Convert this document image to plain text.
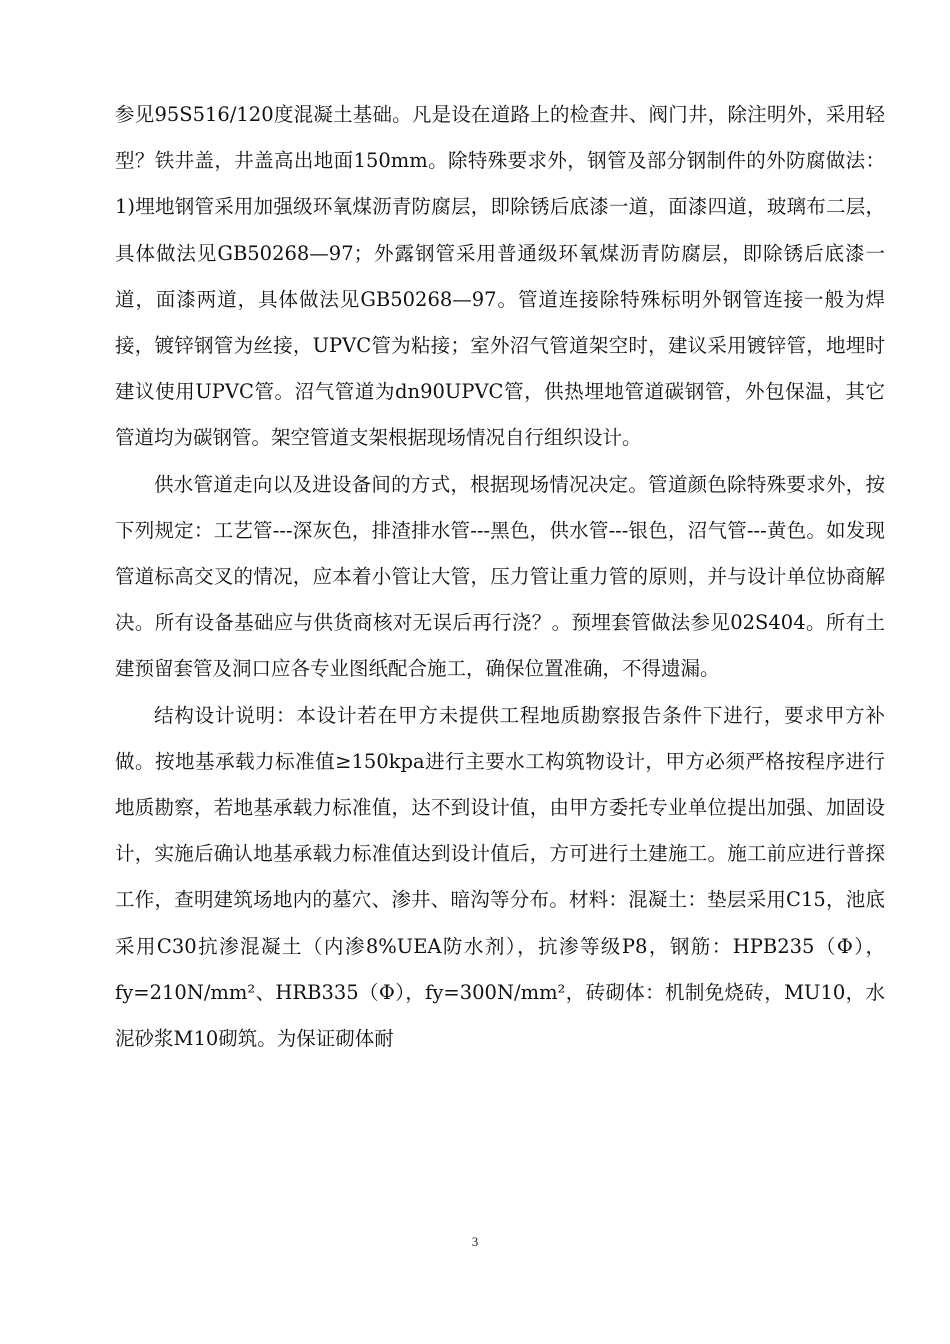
参见95S516/120度混凝土基础。凡是设在道路上的检查井、阀门井，除注明外，采用轻型？铁井盖，井盖高出地面150mm。除特殊要求外，钢管及部分钢制件的外防腐做法：1)埋地钢管采用加强级环氧煤沥青防腐层，即除锈后底漆一道，面漆四道，玻璃布二层，具体做法见GB50268—97；外露钢管采用普通级环氧煤沥青防腐层，即除锈后底漆一道，面漆两道，具体做法见GB50268—97。管道连接除特殊标明外钢管连接一般为焊接，镀锌钢管为丝接，UPVC管为粘接；室外沼气管道架空时，建议采用镀锌管，地埋时建议使用UPVC管。沼气管道为dn90UPVC管，供热埋地管道碳钢管，外包保温，其它管道均为碳钢管。架空管道支架根据现场情况自行组织设计。

供水管道走向以及进设备间的方式，根据现场情况决定。管道颜色除特殊要求外，按下列规定：工艺管---深灰色，排渣排水管---黑色，供水管---银色，沼气管---黄色。如发现管道标高交叉的情况，应本着小管让大管，压力管让重力管的原则，并与设计单位协商解决。所有设备基础应与供货商核对无误后再行浇？。预埋套管做法参见02S404。所有土建预留套管及洞口应各专业图纸配合施工，确保位置准确，不得遗漏。

结构设计说明：本设计若在甲方未提供工程地质勘察报告条件下进行，要求甲方补做。按地基承载力标准值≥150kpa进行主要水工构筑物设计，甲方必须严格按程序进行地质勘察，若地基承载力标准值，达不到设计值，由甲方委托专业单位提出加强、加固设计，实施后确认地基承载力标准值达到设计值后，方可进行土建施工。施工前应进行普探工作，查明建筑场地内的墓穴、渗井、暗沟等分布。材料：混凝土：垫层采用C15，池底采用C30抗渗混凝土（内渗8%UEA防水剂），抗渗等级P8，钢筋：HPB235（Φ），fy=210N/mm²、HRB335（Φ），fy=300N/mm²，砖砌体：机制免烧砖，MU10，水泥砂浆M10砌筑。为保证砌体耐

3
